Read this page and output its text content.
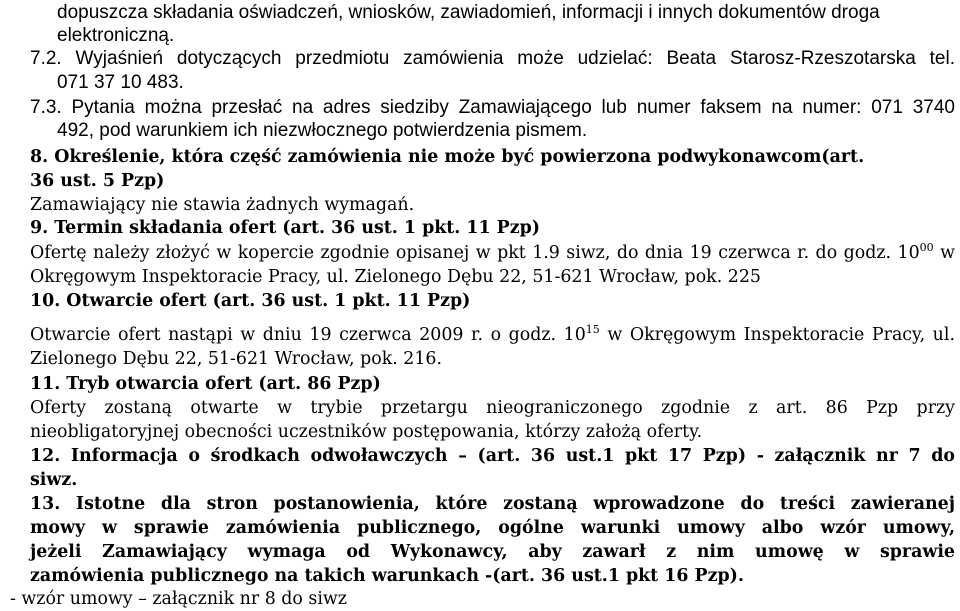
dopuszcza składania oświadczeń, wniosków, zawiadomień, informacji i innych dokumentów droga
elektroniczną.
7.2. Wyjaśnień dotyczących przedmiotu zamówienia może udzielać: Beata Starosz-Rzeszotarska tel.
071 37 10 483.
7.3. Pytania można przesłać na adres siedziby Zamawiającego lub numer faksem na numer: 071 3740
492, pod warunkiem ich niezwłocznego potwierdzenia pismem.
8. Określenie, która część zamówienia nie może być powierzona podwykonawcom(art.
36 ust. 5 Pzp)
Zamawiający nie stawia żadnych wymagań.
9. Termin składania ofert (art. 36 ust. 1 pkt. 11 Pzp)
Ofertę należy złożyć w kopercie zgodnie opisanej w pkt 1.9 siwz, do dnia 19 czerwca r. do godz. $10^{00}$ w
Okręgowym Inspektoracie Pracy, ul. Zielonego Dębu 22, 51-621 Wrocław, pok. 225
10. Otwarcie ofert (art. 36 ust. 1 pkt. 11 Pzp)
Otwarcie ofert nastąpi w dniu 19 czerwca 2009 r. o godz. $10^{15}$ w Okręgowym Inspektoracie Pracy, ul.
Zielonego Dębu 22, 51-621 Wrocław, pok. 216.
11. Tryb otwarcia ofert (art. 86 Pzp)
Oferty zostaną otwarte w trybie przetargu nieograniczonego zgodnie z art. 86 Pzp przy
nieobligatoryjnej obecności uczestników postępowania, którzy założą oferty.
12. Informacja o środkach odwoławczych – (art. 36 ust.1 pkt 17 Pzp) - załącznik nr 7 do
siwz.
13. Istotne dla stron postanowienia, które zostaną wprowadzone do treści zawieranej
mowy w sprawie zamówienia publicznego, ogólne warunki umowy albo wzór umowy,
jeżeli Zamawiający wymaga od Wykonawcy, aby zawarł z nim umowę w sprawie
zamówienia publicznego na takich warunkach -(art. 36 ust.1 pkt 16 Pzp).
- wzór umowy – załącznik nr 8 do siwz
